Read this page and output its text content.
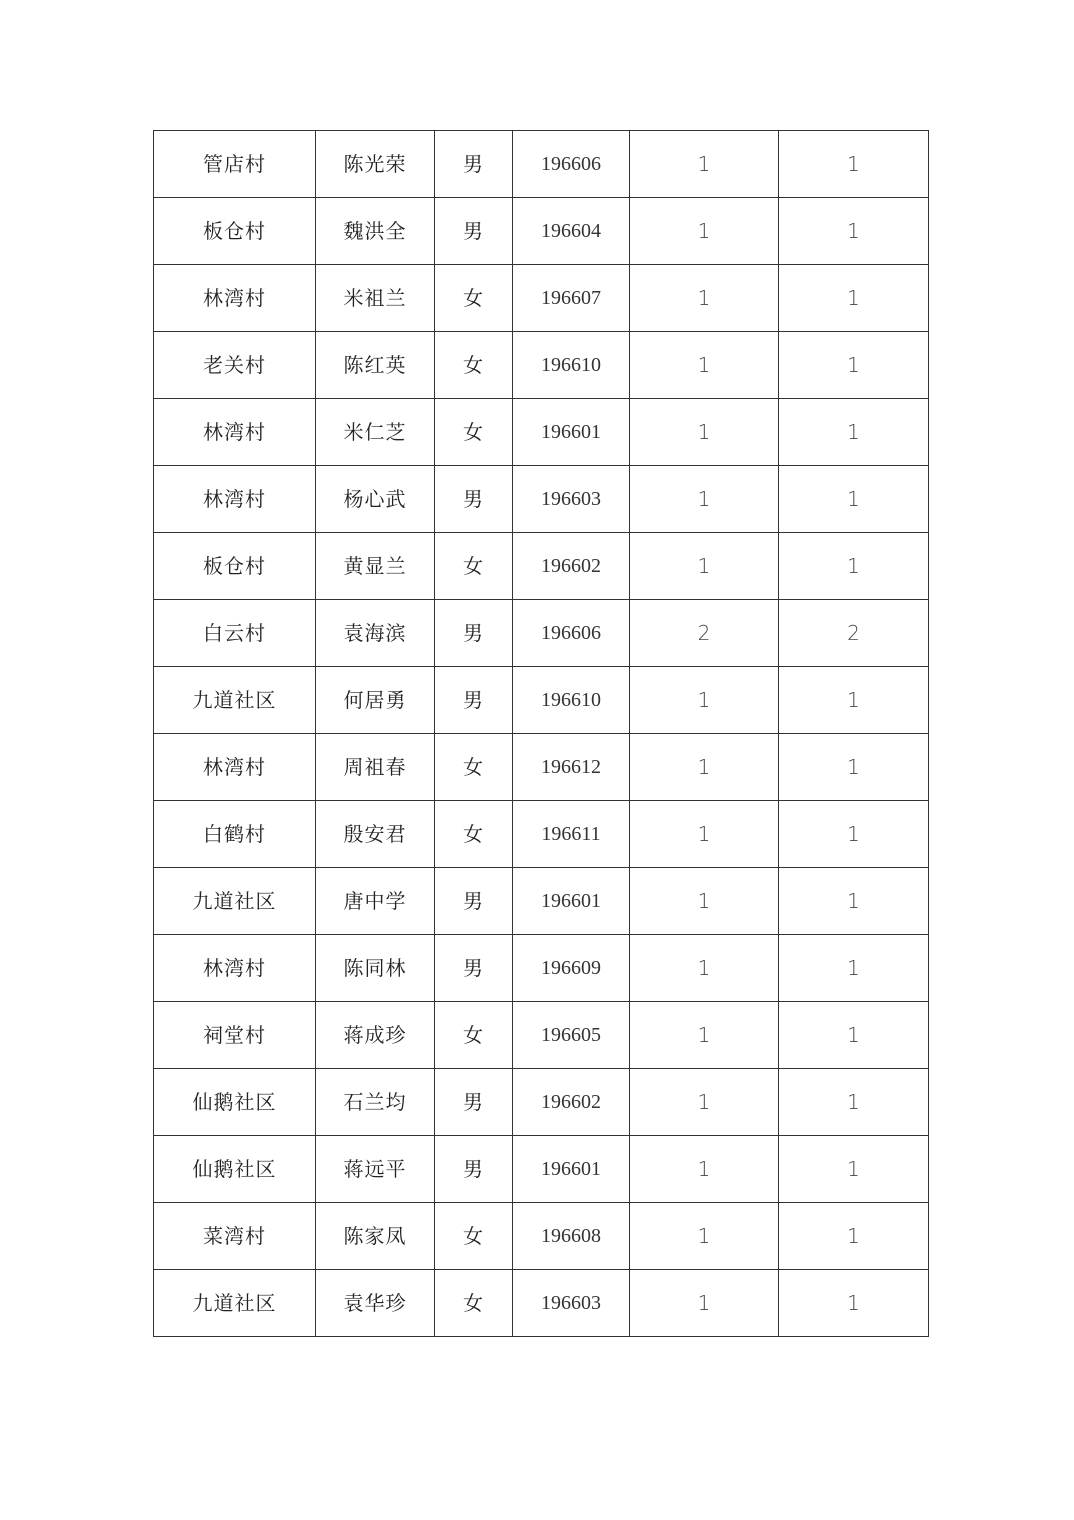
管店村	陈光荣	男	196606	1	1
板仓村	魏洪全	男	196604	1	1
林湾村	米祖兰	女	196607	1	1
老关村	陈红英	女	196610	1	1
林湾村	米仁芝	女	196601	1	1
林湾村	杨心武	男	196603	1	1
板仓村	黄显兰	女	196602	1	1
白云村	袁海滨	男	196606	2	2
九道社区	何居勇	男	196610	1	1
林湾村	周祖春	女	196612	1	1
白鹤村	殷安君	女	196611	1	1
九道社区	唐中学	男	196601	1	1
林湾村	陈同林	男	196609	1	1
祠堂村	蒋成珍	女	196605	1	1
仙鹅社区	石兰均	男	196602	1	1
仙鹅社区	蒋远平	男	196601	1	1
菜湾村	陈家凤	女	196608	1	1
九道社区	袁华珍	女	196603	1	1
